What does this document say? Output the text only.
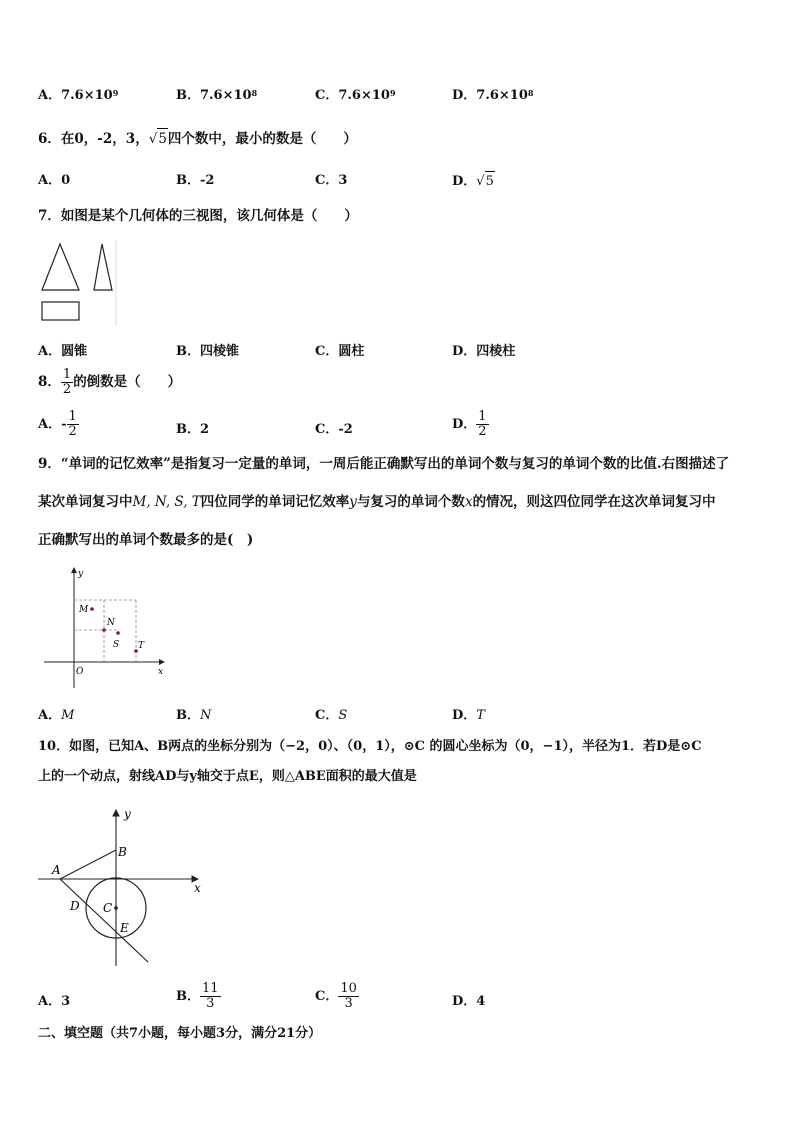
A．$7.6\times 10^9$	B．$7.6\times 10^8$	C．$7.6\times 10^9$	D．$7.6\times 10^8$
6．在0，-2，3，√5四个数中，最小的数是（　　）
A．0	B．-2	C．3	D．√5
7．如图是某个几何体的三视图，该几何体是（　　）
A．圆锥	B．四棱锥	C．圆柱	D．四棱柱
8． $\frac{1}{2}$ 的倒数是（　　）
A．- $\frac{1}{2}$	B．2	C．-2	D． $\frac{1}{2}$
9．“单词的记忆效率”是指复习一定量的单词，一周后能正确默写出的单词个数与复习的单词个数的比值.右图描述了
某次单词复习中M, N, S, T四位同学的单词记忆效率y与复习的单词个数x的情况，则这四位同学在这次单词复习中
正确默写出的单词个数最多的是(　)
y
x
O
M
N
S T
A．M	B．N	C．S	D．T
10．如图，已知A、B两点的坐标分别为（−2，0）、（0，1），⊙C 的圆心坐标为（0，−1），半径为1．若D是⊙C
上的一个动点，射线AD与y轴交于点E，则△ABE面积的最大值是
y
x
A
B
C
D
E
A．3	B． $\frac{11}{3}$	C． $\frac{10}{3}$	D．4
二、填空题（共7小题，每小题3分，满分21分）
